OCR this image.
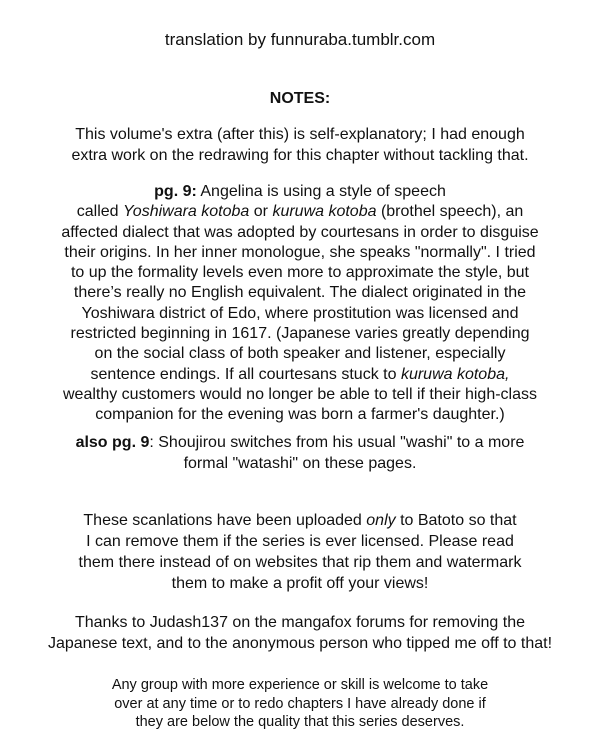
translation by funnuraba.tumblr.com
NOTES:
This volume's extra (after this) is self-explanatory; I had enough
extra work on the redrawing for this chapter without tackling that.
pg. 9: Angelina is using a style of speech
called Yoshiwara kotoba or kuruwa kotoba (brothel speech), an
affected dialect that was adopted by courtesans in order to disguise
their origins. In her inner monologue, she speaks "normally". I tried
to up the formality levels even more to approximate the style, but
there’s really no English equivalent. The dialect originated in the
Yoshiwara district of Edo, where prostitution was licensed and
restricted beginning in 1617. (Japanese varies greatly depending
on the social class of both speaker and listener, especially
sentence endings. If all courtesans stuck to kuruwa kotoba,
wealthy customers would no longer be able to tell if their high-class
companion for the evening was born a farmer's daughter.)
also pg. 9: Shoujirou switches from his usual "washi" to a more
formal "watashi" on these pages.
These scanlations have been uploaded only to Batoto so that
I can remove them if the series is ever licensed. Please read
them there instead of on websites that rip them and watermark
them to make a profit off your views!
Thanks to Judash137 on the mangafox forums for removing the
Japanese text, and to the anonymous person who tipped me off to that!
Any group with more experience or skill is welcome to take
over at any time or to redo chapters I have already done if
they are below the quality that this series deserves.
